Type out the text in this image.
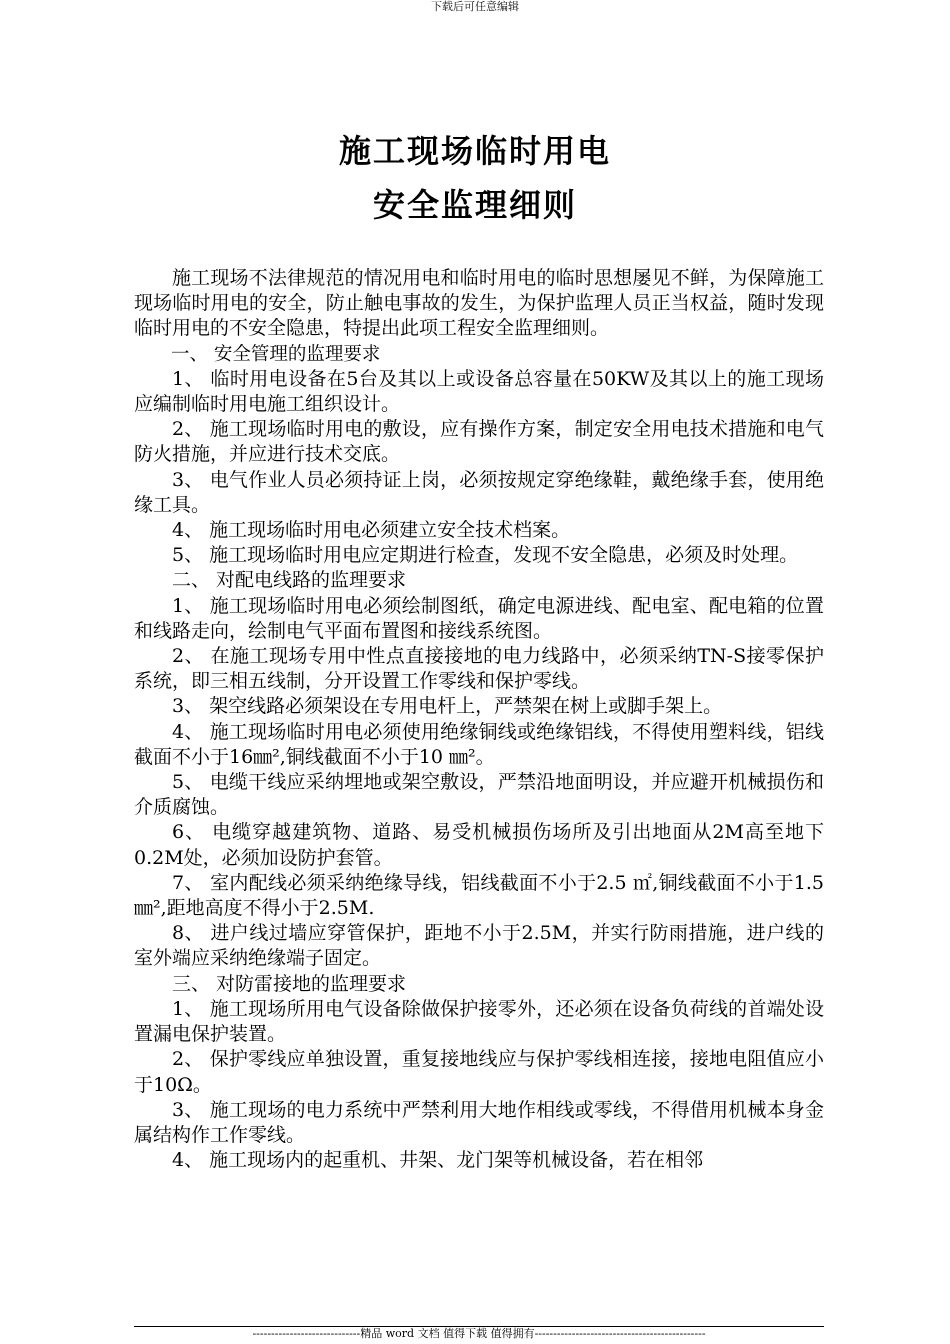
下载后可任意编辑
施工现场临时用电
安全监理细则

施工现场不法律规范的情况用电和临时用电的临时思想屡见不鲜，为保障施工现场临时用电的安全，防止触电事故的发生，为保护监理人员正当权益，随时发现临时用电的不安全隐患，特提出此项工程安全监理细则。

一、 安全管理的监理要求

1、 临时用电设备在5台及其以上或设备总容量在50KW及其以上的施工现场应编制临时用电施工组织设计。

2、 施工现场临时用电的敷设，应有操作方案，制定安全用电技术措施和电气防火措施，并应进行技术交底。

3、 电气作业人员必须持证上岗，必须按规定穿绝缘鞋，戴绝缘手套，使用绝缘工具。

4、 施工现场临时用电必须建立安全技术档案。

5、 施工现场临时用电应定期进行检查，发现不安全隐患，必须及时处理。

二、 对配电线路的监理要求

1、 施工现场临时用电必须绘制图纸，确定电源进线、配电室、配电箱的位置和线路走向，绘制电气平面布置图和接线系统图。

2、 在施工现场专用中性点直接接地的电力线路中，必须采纳TN-S接零保护系统，即三相五线制，分开设置工作零线和保护零线。

3、 架空线路必须架设在专用电杆上，严禁架在树上或脚手架上。

4、 施工现场临时用电必须使用绝缘铜线或绝缘铝线，不得使用塑料线，铝线截面不小于16㎜²,铜线截面不小于10 ㎜²。

5、 电缆干线应采纳埋地或架空敷设，严禁沿地面明设，并应避开机械损伤和介质腐蚀。

6、 电缆穿越建筑物、道路、易受机械损伤场所及引出地面从2M高至地下0.2M处，必须加设防护套管。

7、 室内配线必须采纳绝缘导线，铝线截面不小于2.5 ㎡,铜线截面不小于1.5 ㎜²,距地高度不得小于2.5M.

8、 进户线过墙应穿管保护，距地不小于2.5M，并实行防雨措施，进户线的室外端应采纳绝缘端子固定。

三、 对防雷接地的监理要求

1、 施工现场所用电气设备除做保护接零外，还必须在设备负荷线的首端处设置漏电保护装置。

2、 保护零线应单独设置，重复接地线应与保护零线相连接，接地电阻值应小于10Ω。

3、 施工现场的电力系统中严禁利用大地作相线或零线，不得借用机械本身金属结构作工作零线。

4、 施工现场内的起重机、井架、龙门架等机械设备，若在相邻

-----------------------------精品 word 文档 值得下载 值得拥有----------------------------------------------
